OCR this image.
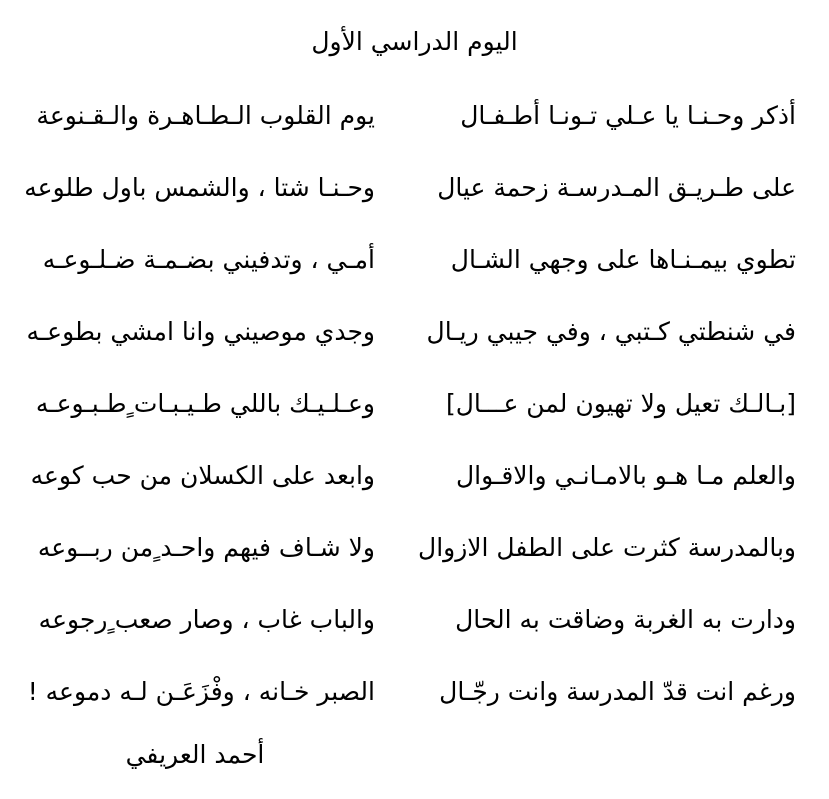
اليوم الدراسي الأول
أذكر وحـنـا يا عـلي تـونـا أطـفـال
يوم القلوب الـطـاهـرة والـقـنوعة
على طـريـق المـدرسـة زحمة عيال
وحـنـا شتا ، والشمس باول طلوعه
تطوي بيمـنـاها على وجهي الشـال
أمـي ، وتدفيني بضـمـة ضـلـوعـه
في شنطتي كـتبي ، وفي جيبي ريـال
وجدي موصيني وانا امشي بطوعـه
[بـالـك تعيل ولا تهيون لمن عـــال]
وعـلـيـك باللي طـيـبـات ٍطـبـوعـه
والعلم مـا هـو بالامـانـي والاقـوال
وابعد على الكسلان من حب كوعه
وبالمدرسة كثرت على الطفل الازوال
ولا شـاف فيهم واحـد ٍمن ربــوعه
ودارت به الغربة وضاقت به الحال
والباب غاب ، وصار صعب ٍرجوعه
ورغم انت قدّ المدرسة وانت رجّـال
الصبر خـانه ، وفْزَعَـن لـه دموعه !
أحمد العريفي
